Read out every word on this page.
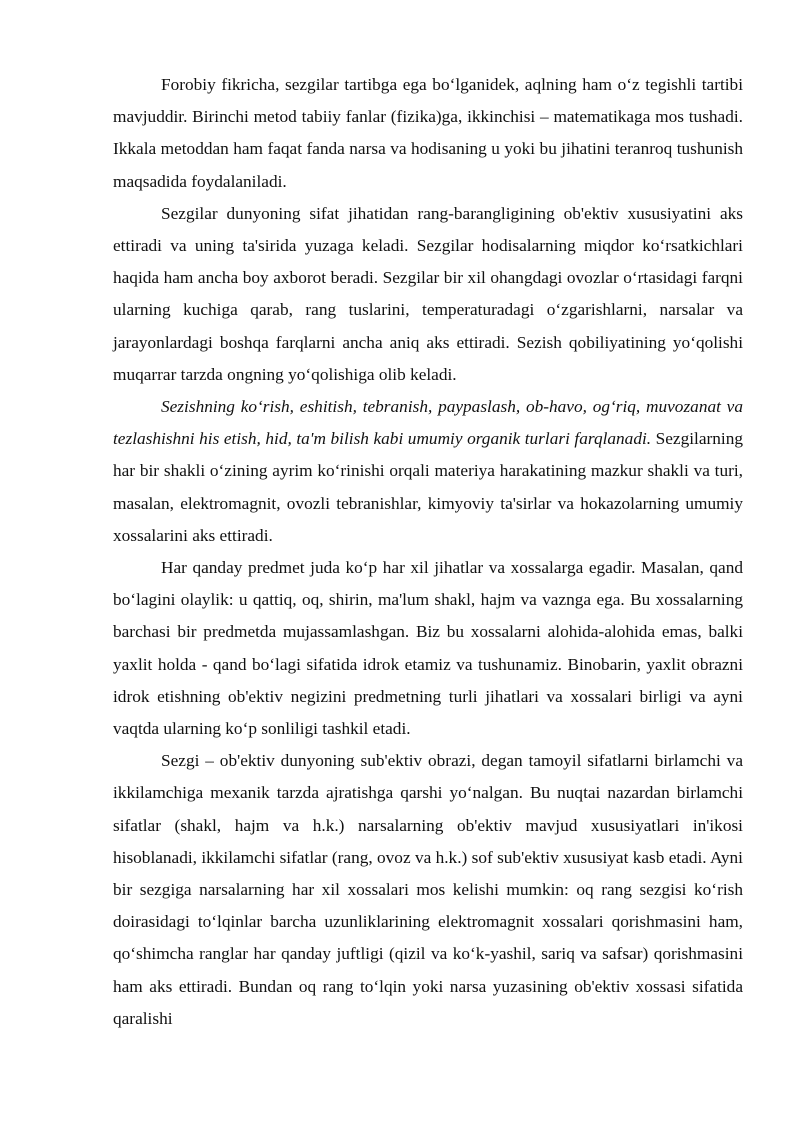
Forobiy fikricha, sezgilar tartibga ega bo‘lganidek, aqlning ham o‘z tegishli tartibi mavjuddir. Birinchi metod tabiiy fanlar (fizika)ga, ikkinchisi – matematikaga mos tushadi. Ikkala metoddan ham faqat fanda narsa va hodisaning u yoki bu jihatini teranroq tushunish maqsadida foydalaniladi.

Sezgilar dunyoning sifat jihatidan rang-barangligining ob'ektiv xususiyatini aks ettiradi va uning ta'sirida yuzaga keladi. Sezgilar hodisalarning miqdor ko‘rsatkichlari haqida ham ancha boy axborot beradi. Sezgilar bir xil ohangdagi ovozlar o‘rtasidagi farqni ularning kuchiga qarab, rang tuslarini, temperaturadagi o‘zgarishlarni, narsalar va jarayonlardagi boshqa farqlarni ancha aniq aks ettiradi. Sezish qobiliyatining yo‘qolishi muqarrar tarzda ongning yo‘qolishiga olib keladi.

Sezishning ko‘rish, eshitish, tebranish, paypaslash, ob-havo, og‘riq, muvozanat va tezlashishni his etish, hid, ta'm bilish kabi umumiy organik turlari farqlanadi. Sezgilarning har bir shakli o‘zining ayrim ko‘rinishi orqali materiya harakatining mazkur shakli va turi, masalan, elektromagnit, ovozli tebranishlar, kimyoviy ta'sirlar va hokazolarning umumiy xossalarini aks ettiradi.

Har qanday predmet juda ko‘p har xil jihatlar va xossalarga egadir. Masalan, qand bo‘lagini olaylik: u qattiq, oq, shirin, ma'lum shakl, hajm va vaznga ega. Bu xossalarning barchasi bir predmetda mujassamlashgan. Biz bu xossalarni alohida-alohida emas, balki yaxlit holda - qand bo‘lagi sifatida idrok etamiz va tushunamiz. Binobarin, yaxlit obrazni idrok etishning ob'ektiv negizini predmetning turli jihatlari va xossalari birligi va ayni vaqtda ularning ko‘p sonliligi tashkil etadi.

Sezgi – ob'ektiv dunyoning sub'ektiv obrazi, degan tamoyil sifatlarni birlamchi va ikkilamchiga mexanik tarzda ajratishga qarshi yo‘nalgan. Bu nuqtai nazardan birlamchi sifatlar (shakl, hajm va h.k.) narsalarning ob'ektiv mavjud xususiyatlari in'ikosi hisoblanadi, ikkilamchi sifatlar (rang, ovoz va h.k.) sof sub'ektiv xususiyat kasb etadi. Ayni bir sezgiga narsalarning har xil xossalari mos kelishi mumkin: oq rang sezgisi ko‘rish doirasidagi to‘lqinlar barcha uzunliklarining elektromagnit xossalari qorishmasini ham, qo‘shimcha ranglar har qanday juftligi (qizil va ko‘k-yashil, sariq va safsar) qorishmasini ham aks ettiradi. Bundan oq rang to‘lqin yoki narsa yuzasining ob'ektiv xossasi sifatida qaralishi
